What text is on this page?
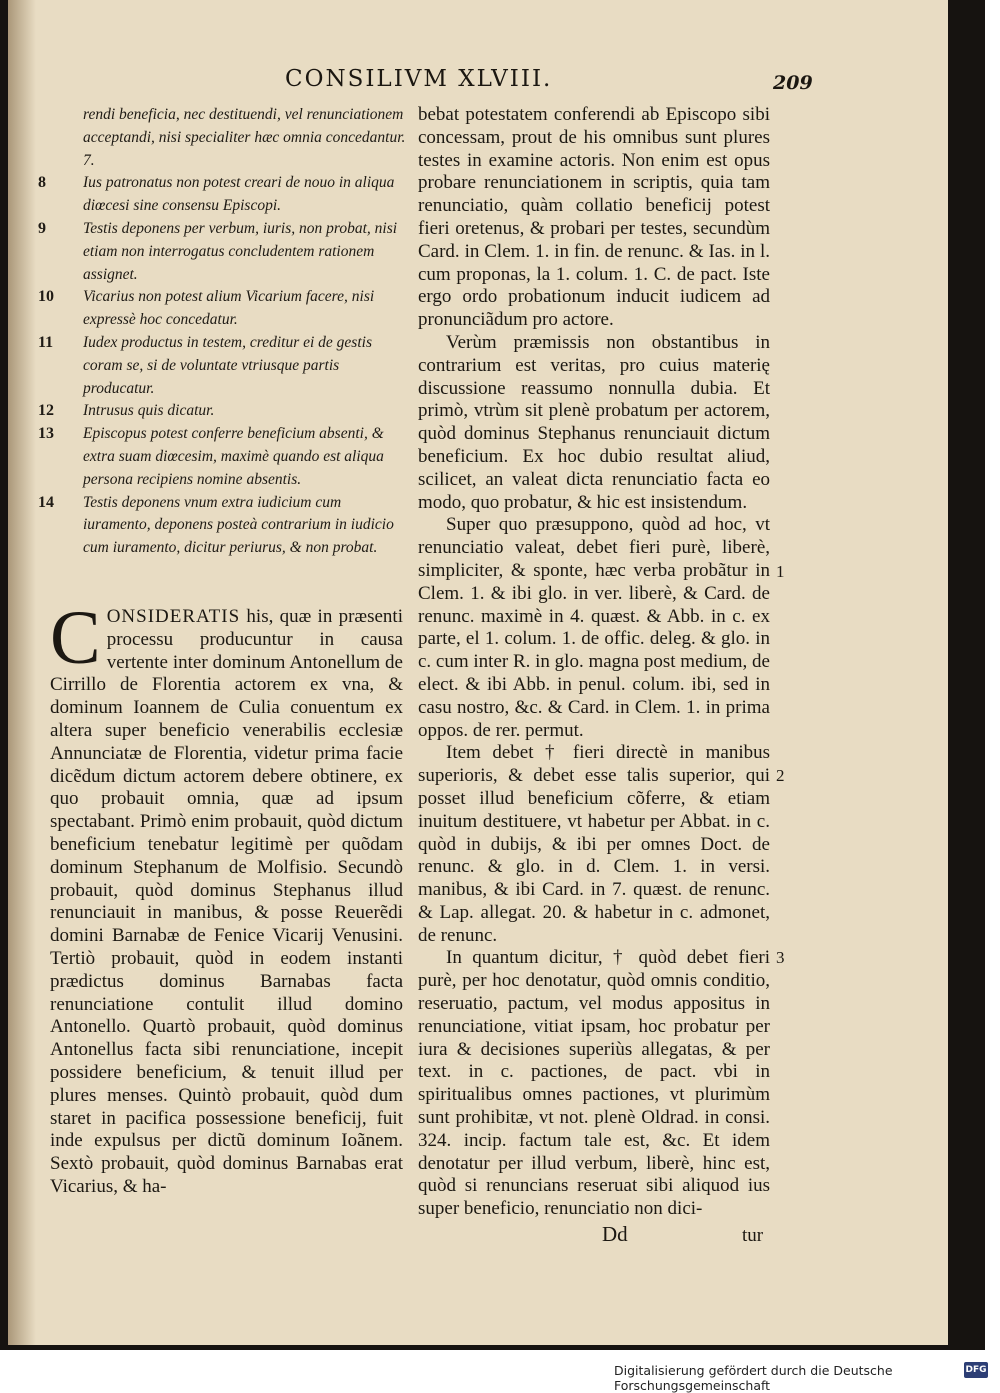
CONSILIVM XLVIII.	209
rendi beneficia, nec destituendi, vel renunciationem acceptandi, nisi specialiter hæc omnia concedantur. 7.
8 Ius patronatus non potest creari de nouo in aliqua diœcesi sine consensu Episcopi.
9 Testis deponens per verbum, iuris, non probat, nisi etiam non interrogatus concludentem rationem assignet.
10 Vicarius non potest alium Vicarium facere, nisi expressè hoc concedatur.
11 Iudex productus in testem, creditur ei de gestis coram se, si de voluntate vtriusque partis producatur.
12 Intrusus quis dicatur.
13 Episcopus potest conferre beneficium absenti, & extra suam diœcesim, maximè quando est aliqua persona recipiens nomine absentis.
14 Testis deponens vnum extra iudicium cum iuramento, deponens posteà contrarium in iudicio cum iuramento, dicitur periurus, & non probat.

CONSIDERATIS his, quæ in præsenti processu producuntur in causa vertente inter dominum Antonellum de Cirrillo de Florentia actorem ex vna, & dominum Ioannem de Culia conuentum ex altera super beneficio venerabilis ecclesiæ Annunciatæ de Florentia, videtur prima facie dicẽdum dictum actorem debere obtinere, ex quo probauit omnia, quæ ad ipsum spectabant. Primò enim probauit, quòd dictum beneficium tenebatur legitimè per quõdam dominum Stephanum de Molfisio. Secundò probauit, quòd dominus Stephanus illud renunciauit in manibus, & posse Reuerẽdi domini Barnabæ de Fenice Vicarij Venusini. Tertiò probauit, quòd in eodem instanti prædictus dominus Barnabas facta renunciatione contulit illud domino Antonello. Quartò probauit, quòd dominus Antonellus facta sibi renunciatione, incepit possidere beneficium, & tenuit illud per plures menses. Quintò probauit, quòd dum staret in pacifica possessione beneficij, fuit inde expulsus per dictũ dominum Ioãnem. Sextò probauit, quòd dominus Barnabas erat Vicarius, & ha-

bebat potestatem conferendi ab Episcopo sibi concessam, prout de his omnibus sunt plures testes in examine actoris. Non enim est opus probare renunciationem in scriptis, quia tam renunciatio, quàm collatio beneficij potest fieri oretenus, & probari per testes, secundùm Card. in Clem. 1. in fin. de renunc. & Ias. in l. cum proponas, la 1. colum. 1. C. de pact. Iste ergo ordo probationum inducit iudicem ad pronunciãdum pro actore.

Verùm præmissis non obstantibus in contrarium est veritas, pro cuius materię discussione reassumo nonnulla dubia. Et primò, vtrùm sit plenè probatum per actorem, quòd dominus Stephanus renunciauit dictum beneficium. Ex hoc dubio resultat aliud, scilicet, an valeat dicta renunciatio facta eo modo, quo probatur, & hic est insistendum.

Super quo præsuppono, quòd ad hoc, vt renunciatio valeat, debet fieri purè, liberè, simpliciter, & sponte, hæc verba probãtur in Clem. 1. & ibi glo. in ver. liberè, & Card. de renunc. maximè in 4. quæst. & Abb. in c. ex parte, el 1. colum. 1. de offic. deleg. & glo. in c. cum inter R. in glo. magna post medium, de elect. & ibi Abb. in penul. colum. ibi, sed in casu nostro, &c. & Card. in Clem. 1. in prima oppos. de rer. permut.

Item debet † fieri directè in manibus superioris, & debet esse talis superior, qui posset illud beneficium cõferre, & etiam inuitum destituere, vt habetur per Abbat. in c. quòd in dubijs, & ibi per omnes Doct. de renunc. & glo. in d. Clem. 1. in versi. manibus, & ibi Card. in 7. quæst. de renunc. & Lap. allegat. 20. & habetur in c. admonet, de renunc.

In quantum dicitur, † quòd debet fieri purè, per hoc denotatur, quòd omnis conditio, reseruatio, pactum, vel modus appositus in renunciatione, vitiat ipsam, hoc probatur per iura & decisiones superiùs allegatas, & per text. in c. pactiones, de pact. vbi in spiritualibus omnes pactiones, vt plurimùm sunt prohibitæ, vt not. plenè Oldrad. in consi. 324. incip. factum tale est, &c. Et idem denotatur per illud verbum, liberè, hinc est, quòd si renuncians reseruat sibi aliquod ius super beneficio, renunciatio non dici-

1
2
3
Dd	tur
Digitalisierung gefördert durch die Deutsche Forschungsgemeinschaft
DFG
